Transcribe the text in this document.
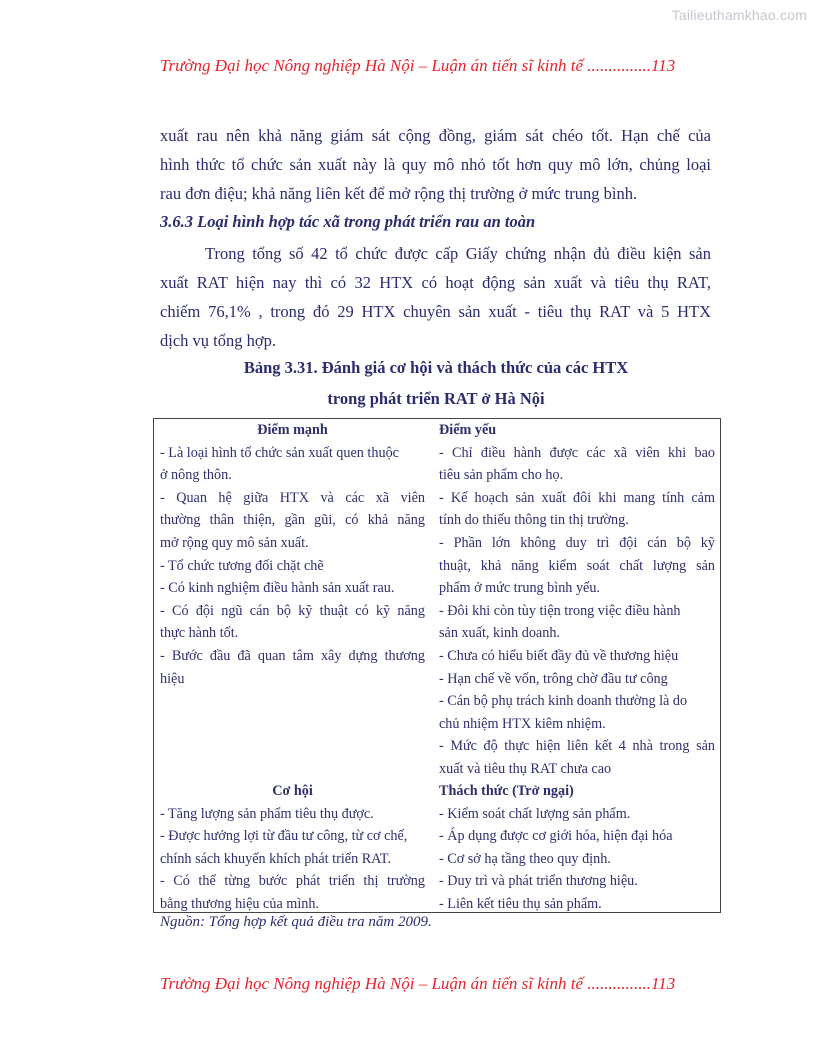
Tailieuthamkhao.com
Trường Đại học Nông nghiệp Hà Nội – Luận án tiến sĩ kinh tế ...............113
xuất rau nên khả năng giám sát cộng đồng, giám sát chéo tốt. Hạn chế của
hình thức tổ chức sản xuất này là quy mô nhỏ tốt hơn quy mô lớn, chủng loại
rau đơn điệu; khả năng liên kết để mở rộng thị trường ở mức trung bình.
3.6.3 Loại hình hợp tác xã trong phát triển rau an toàn
Trong tổng số 42 tổ chức được cấp Giấy chứng nhận đủ điều kiện sản
xuất RAT hiện nay thì có 32 HTX có hoạt động sản xuất và tiêu thụ RAT,
chiếm 76,1% , trong đó 29 HTX chuyên sản xuất - tiêu thụ RAT và 5 HTX
dịch vụ tổng hợp.
Bảng 3.31. Đánh giá cơ hội và thách thức của các HTX
trong phát triển RAT ở Hà Nội
Điểm mạnh
- Là loại hình tổ chức sản xuất quen thuộc
ở nông thôn.
- Quan hệ giữa HTX và các xã viên
thường thân thiện, gần gũi, có khả năng
mở rộng quy mô sản xuất.
- Tổ chức tương đối chặt chẽ
- Có kinh nghiệm điều hành sản xuất rau.
- Có đội ngũ cán bộ kỹ thuật có kỹ năng
thực hành tốt.
- Bước đầu đã quan tâm xây dựng thương
hiệu
Điểm yếu
- Chỉ điều hành được các xã viên khi bao
tiêu sản phẩm cho họ.
- Kế hoạch sản xuất đôi khi mang tính cảm
tính do thiếu thông tin thị trường.
- Phần lớn không duy trì đội cán bộ kỹ
thuật, khả năng kiểm soát chất lượng sản
phẩm ở mức trung bình yếu.
- Đôi khi còn tùy tiện trong việc điều hành
sản xuất, kinh doanh.
- Chưa có hiểu biết đầy đủ về thương hiệu
- Hạn chế về vốn, trông chờ đầu tư công
- Cán bộ phụ trách kinh doanh thường là do
chủ nhiệm HTX kiêm nhiệm.
- Mức độ thực hiện liên kết 4 nhà trong sản
xuất và tiêu thụ RAT chưa cao
Cơ hội
- Tăng lượng sản phẩm tiêu thụ được.
- Được hưởng lợi từ đầu tư công, từ cơ chế,
chính sách khuyến khích phát triển RAT.
- Có thể từng bước phát triển thị trường
bằng thương hiệu của mình.
Thách thức (Trở ngại)
- Kiểm soát chất lượng sản phẩm.
- Áp dụng được cơ giới hóa, hiện đại hóa
- Cơ sở hạ tầng theo quy định.
- Duy trì và phát triển thương hiệu.
- Liên kết tiêu thụ sản phẩm.
Nguồn: Tổng hợp kết quả điều tra năm 2009.
Trường Đại học Nông nghiệp Hà Nội – Luận án tiến sĩ kinh tế ...............113
